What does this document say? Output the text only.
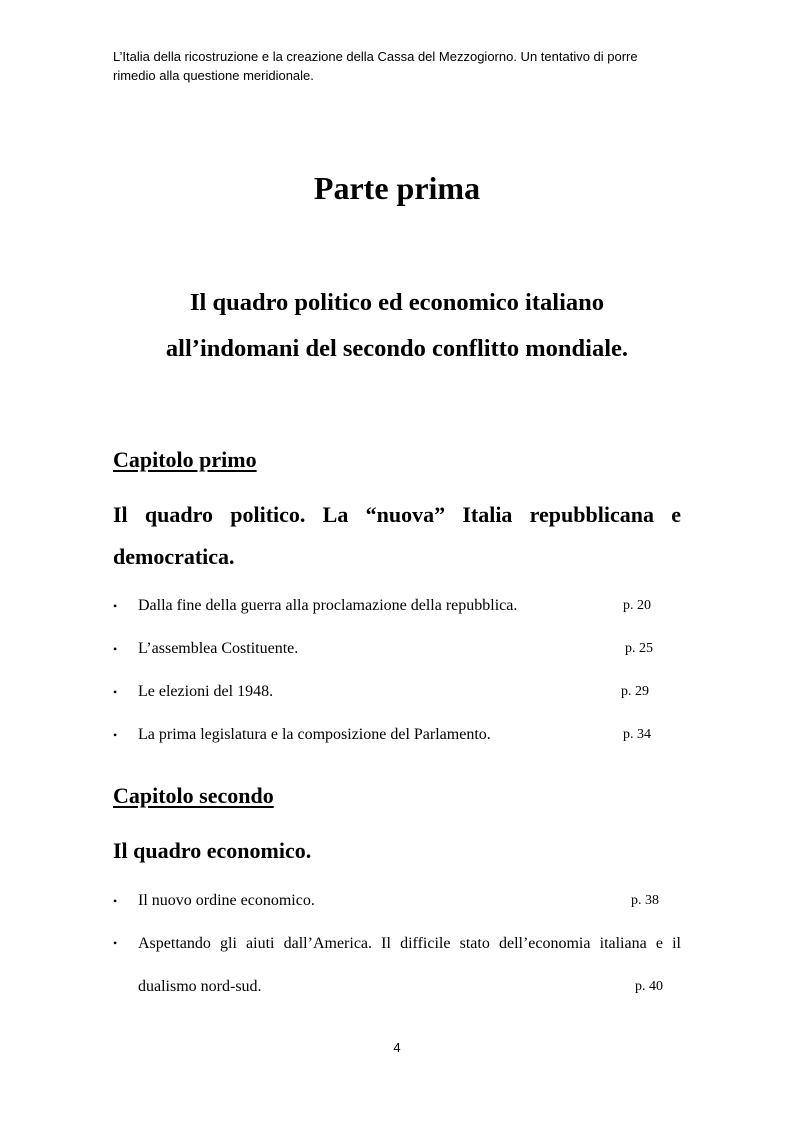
L’Italia della ricostruzione e la creazione della Cassa del Mezzogiorno. Un tentativo di porre rimedio alla questione meridionale.
Parte prima
Il quadro politico ed economico italiano
all’indomani del secondo conflitto mondiale.
Capitolo primo
Il quadro politico. La “nuova” Italia repubblicana e democratica.
• Dalla fine della guerra alla proclamazione della repubblica.	p. 20
• L’assemblea Costituente.	p. 25
• Le elezioni del 1948.	p. 29
• La prima legislatura e la composizione del Parlamento.	p. 34
Capitolo secondo
Il quadro economico.
• Il nuovo ordine economico.	p. 38
• Aspettando gli aiuti dall’America. Il difficile stato dell’economia italiana e il dualismo nord-sud.	p. 40
4
